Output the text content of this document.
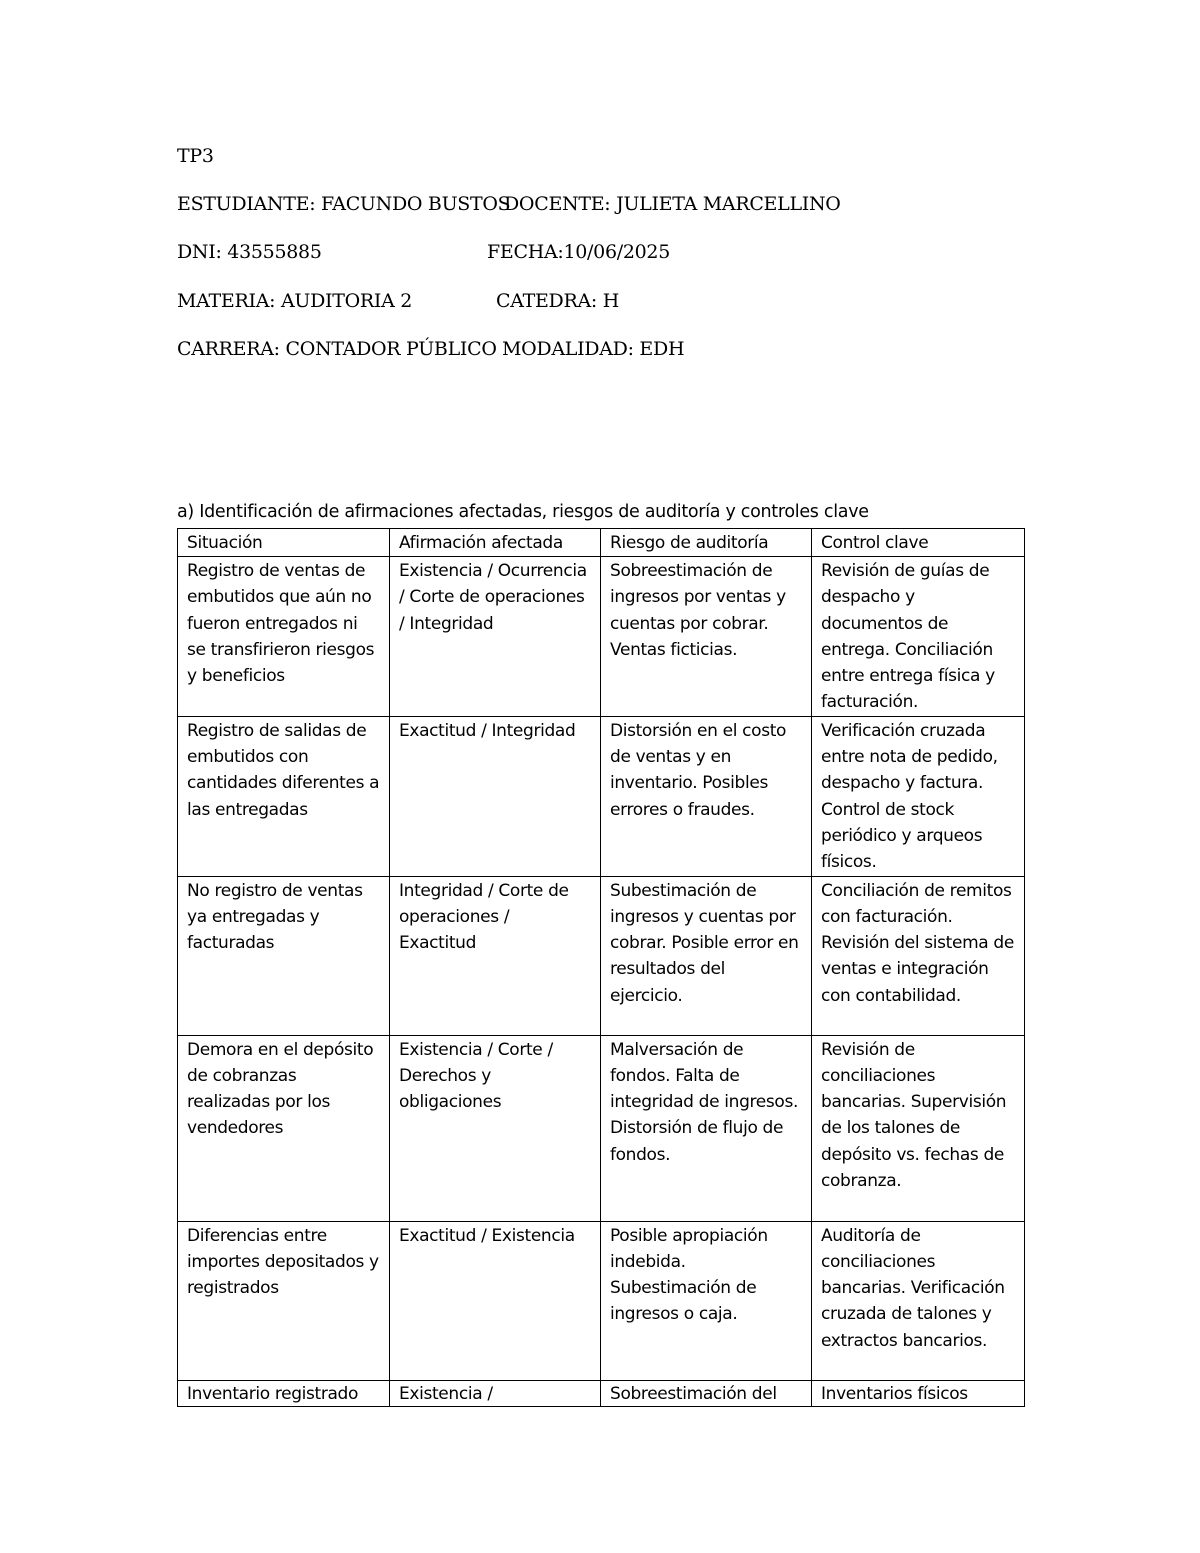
TP3
ESTUDIANTE: FACUNDO BUSTOS
DOCENTE: JULIETA MARCELLINO
DNI: 43555885	FECHA:10/06/2025
MATERIA: AUDITORIA 2	CATEDRA: H
CARRERA: CONTADOR PÚBLICO MODALIDAD: EDH
a) Identificación de afirmaciones afectadas, riesgos de auditoría y controles clave
Situación	Afirmación afectada	Riesgo de auditoría	Control clave
Registro de ventas de embutidos que aún no fueron entregados ni se transfirieron riesgos y beneficios	Existencia / Ocurrencia / Corte de operaciones / Integridad	Sobreestimación de ingresos por ventas y cuentas por cobrar. Ventas ficticias.	Revisión de guías de despacho y documentos de entrega. Conciliación entre entrega física y facturación.
Registro de salidas de embutidos con cantidades diferentes a las entregadas	Exactitud / Integridad	Distorsión en el costo de ventas y en inventario. Posibles errores o fraudes.	Verificación cruzada entre nota de pedido, despacho y factura. Control de stock periódico y arqueos físicos.
No registro de ventas ya entregadas y facturadas	Integridad / Corte de operaciones / Exactitud	Subestimación de ingresos y cuentas por cobrar. Posible error en resultados del ejercicio.	Conciliación de remitos con facturación. Revisión del sistema de ventas e integración con contabilidad.
Demora en el depósito de cobranzas realizadas por los vendedores	Existencia / Corte / Derechos y obligaciones	Malversación de fondos. Falta de integridad de ingresos. Distorsión de flujo de fondos.	Revisión de conciliaciones bancarias. Supervisión de los talones de depósito vs. fechas de cobranza.
Diferencias entre importes depositados y registrados	Exactitud / Existencia	Posible apropiación indebida. Subestimación de ingresos o caja.	Auditoría de conciliaciones bancarias. Verificación cruzada de talones y extractos bancarios.
Inventario registrado	Existencia /	Sobreestimación del	Inventarios físicos
